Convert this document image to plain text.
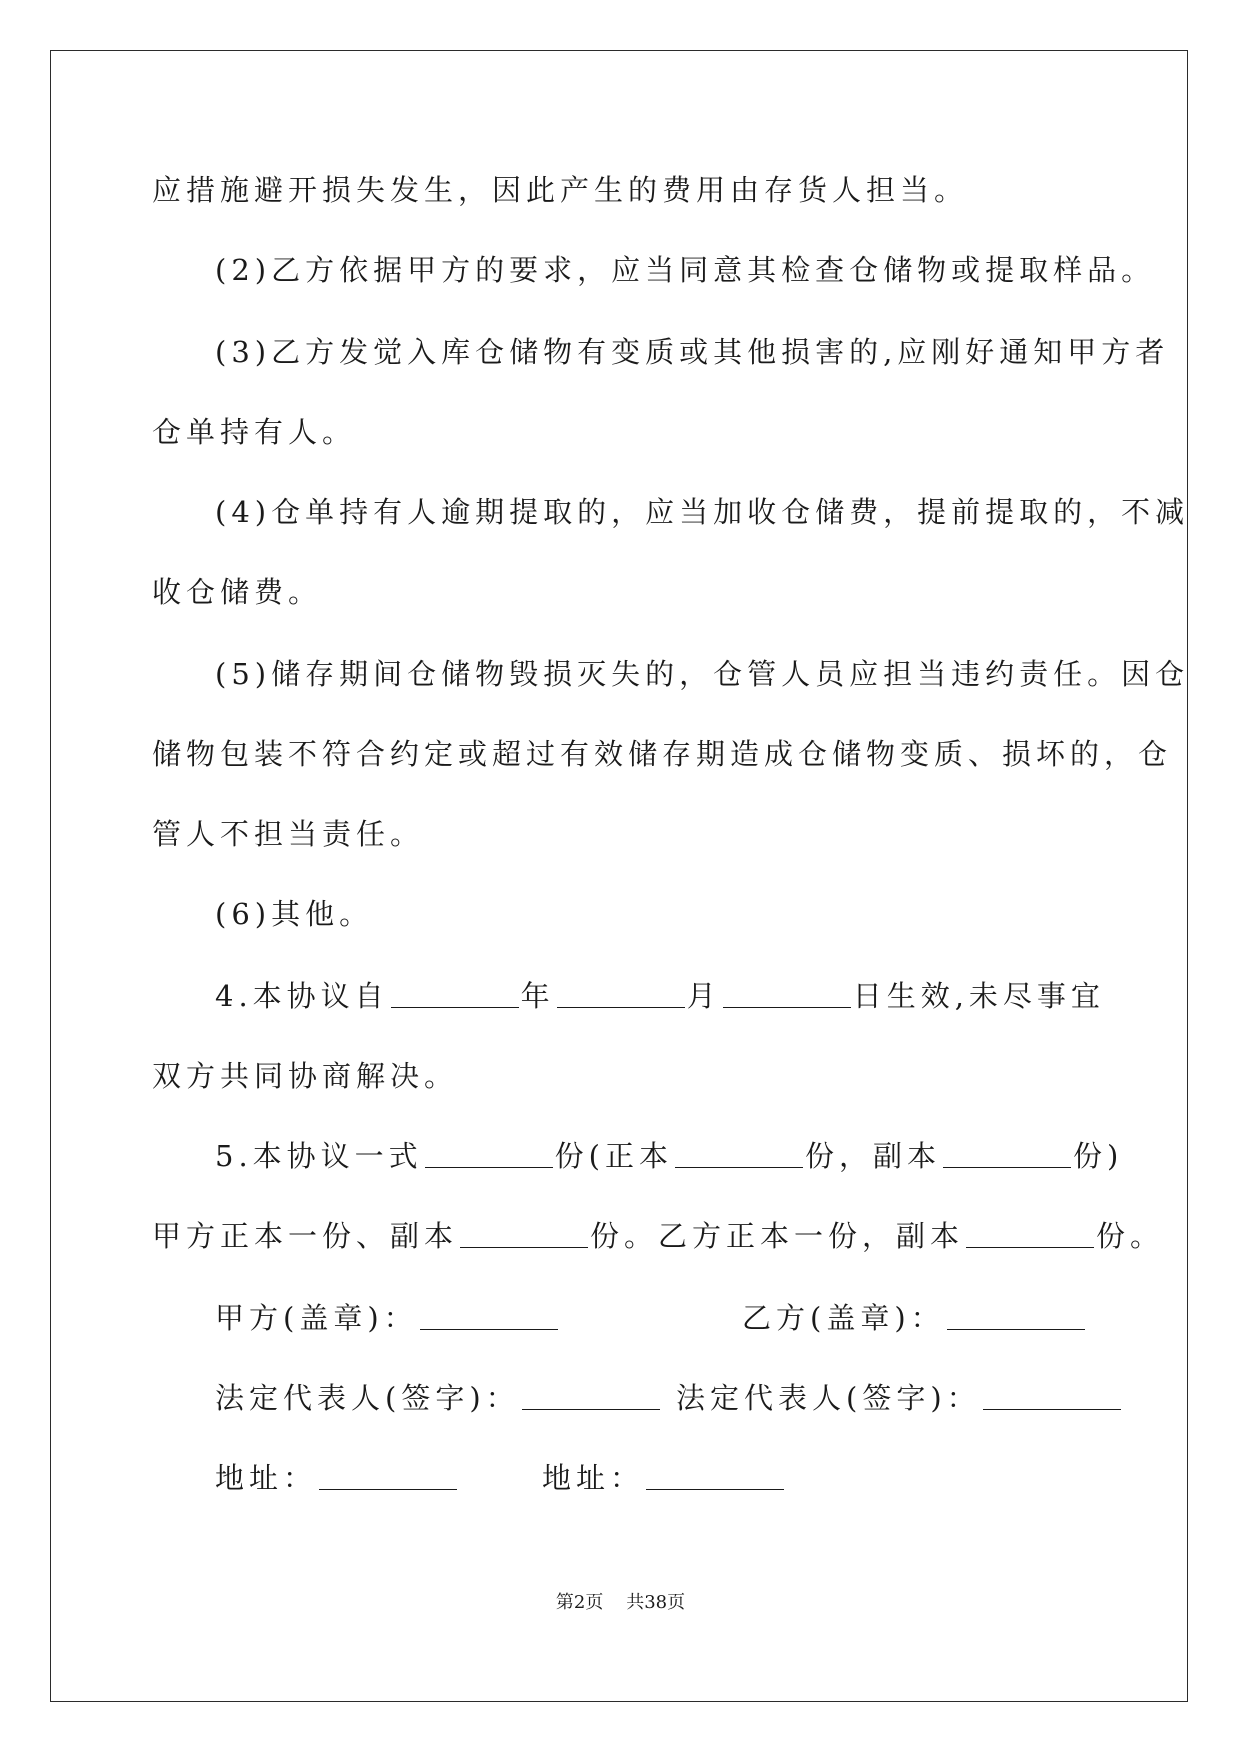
应措施避开损失发生，因此产生的费用由存货人担当。
(2)乙方依据甲方的要求，应当同意其检查仓储物或提取样品。
(3)乙方发觉入库仓储物有变质或其他损害的,应刚好通知甲方者
仓单持有人。
(4)仓单持有人逾期提取的，应当加收仓储费，提前提取的，不减
收仓储费。
(5)储存期间仓储物毁损灭失的，仓管人员应担当违约责任。因仓
储物包装不符合约定或超过有效储存期造成仓储物变质、损坏的，仓
管人不担当责任。
(6)其他。
4.本协议自	年	月	日生效,未尽事宜
双方共同协商解决。
5.本协议一式	份(正本	份，副本	份)
甲方正本一份、副本	份。乙方正本一份，副本	份。
甲方(盖章)：	乙方(盖章)：
法定代表人(签字)：	法定代表人(签字)：
地址：	地址：
第2页 共38页
